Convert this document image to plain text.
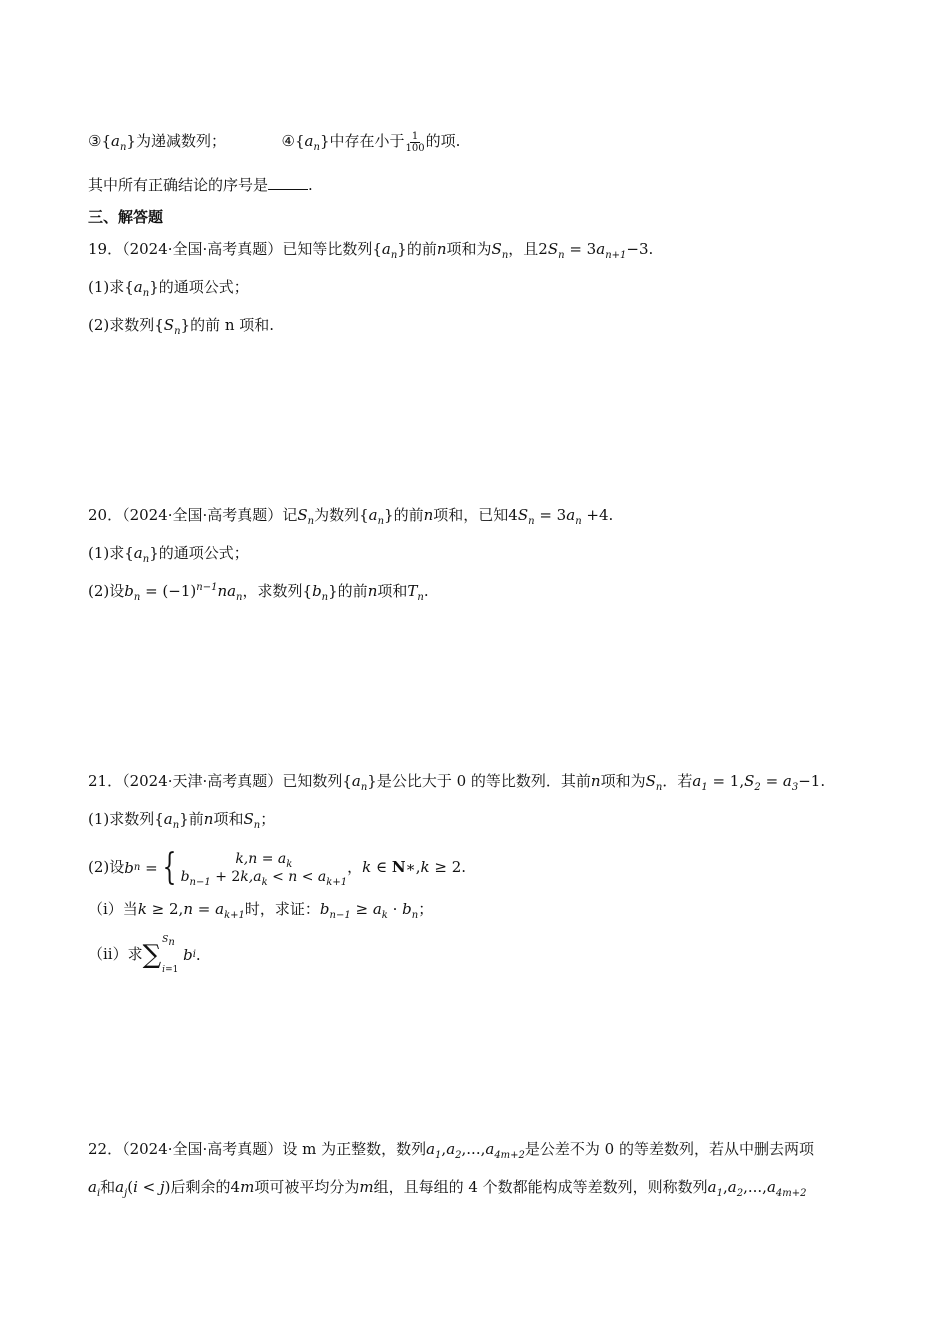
$③\{a_n\}$为递减数列；	$④\{a_n\}$中存在小于 $\frac{1}{100}$ 的项.
其中所有正确结论的序号是	.
三、解答题
19．（2024·全国·高考真题）已知等比数列$\{a_n\}$的前n项和为$S_n$，且$2S_n = 3a_{n+1}-3$.
(1)求$\{a_n\}$的通项公式；
(2)求数列$\{S_n\}$的前 n 项和.
20．（2024·全国·高考真题）记$S_n$为数列$\{a_n\}$的前n项和，已知$4S_n = 3a_n +4$.
(1)求$\{a_n\}$的通项公式；
(2)设$b_n = (-1)^{n-1}na_n$，求数列$\{b_n\}$的前n项和$T_n$.
21．（2024·天津·高考真题）已知数列$\{a_n\}$是公比大于 0 的等比数列．其前n项和为$S_n$．若$a_1 = 1,S_2 = a_3-1$.
(1)求数列$\{a_n\}$前n项和$S_n$；
(2)设b n
= {	$k,n = a_k$
$b_{n-1} + 2k,a_k < n < a_{k+1}$
，k ∈ N∗,k ≥ 2.
（i）当$k \ge 2,n = a_{k+1}$时，求证：$b_{n-1} \ge a_k \cdot b_n$；
（ii）求 ∑ $S_n$
i=1
b i .
22．（2024·全国·高考真题）设 m 为正整数，数列$a_1,a_2,...,a_{4m+2}$是公差不为 0 的等差数列，若从中删去两项
$a_i$和$a_j(i < j)$后剩余的4m项可被平均分为m组，且每组的 4 个数都能构成等差数列，则称数列$a_1,a_2,...,a_{4m+2}$
